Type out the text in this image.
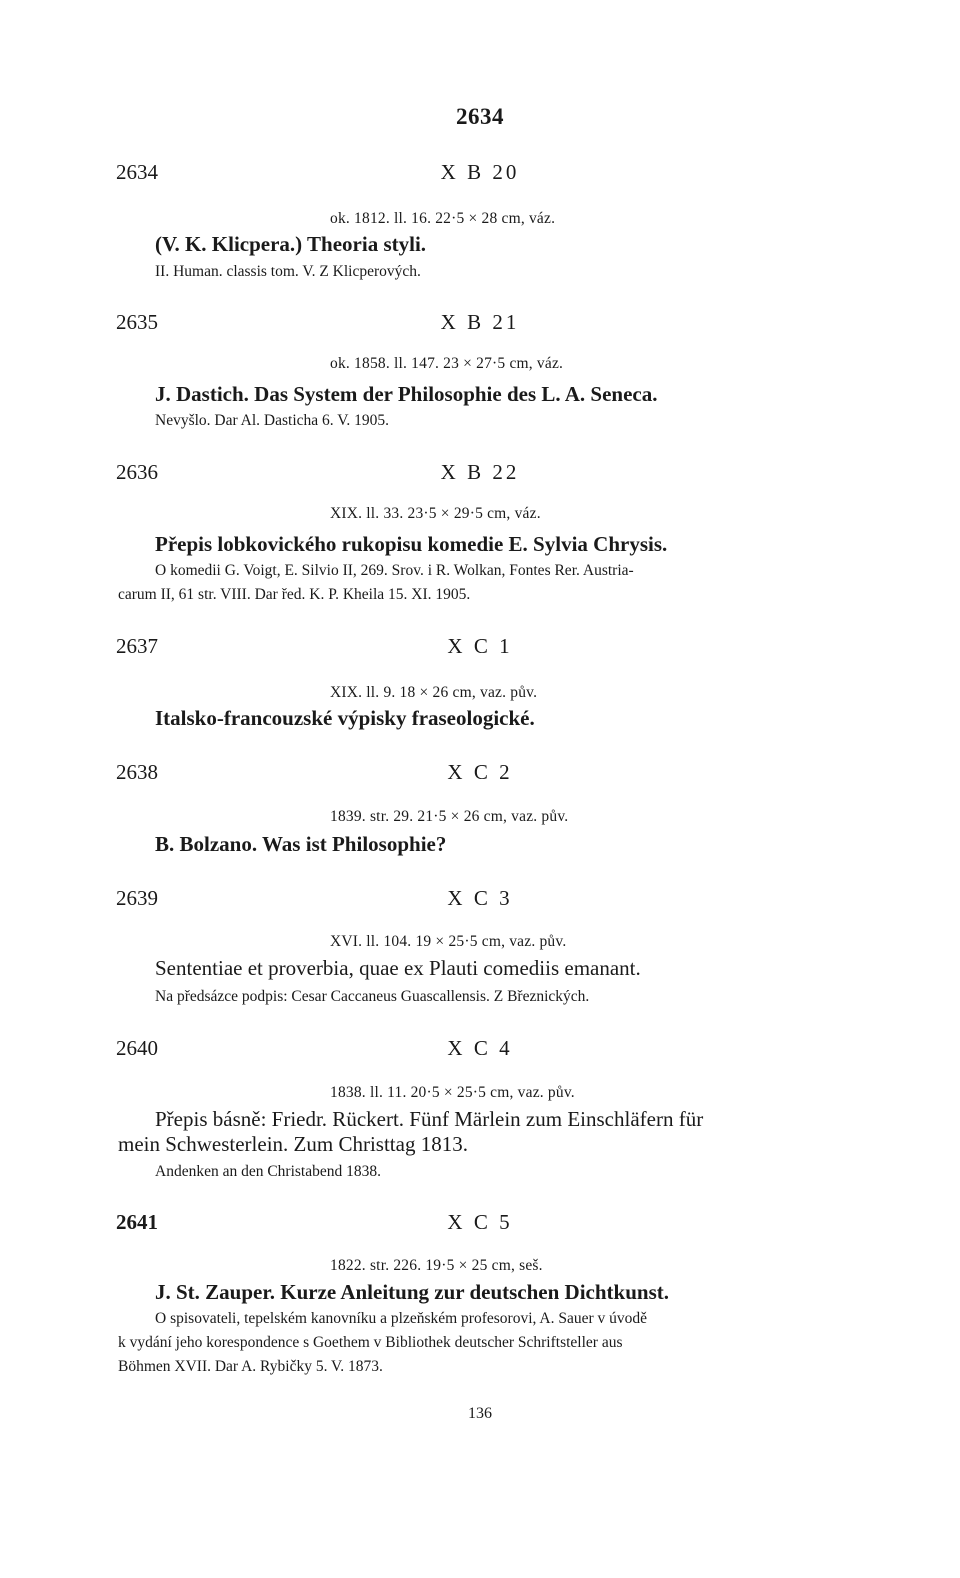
2634
2634	X B 20
ok. 1812. ll. 16. 22·5 × 28 cm, váz.
(V. K. Klicpera.) Theoria styli.
II. Human. classis tom. V. Z Klicperových.
2635	X B 21
ok. 1858. ll. 147. 23 × 27·5 cm, váz.
J. Dastich. Das System der Philosophie des L. A. Seneca.
Nevyšlo. Dar Al. Dasticha 6. V. 1905.
2636	X B 22
XIX. ll. 33. 23·5 × 29·5 cm, váz.
Přepis lobkovického rukopisu komedie E. Sylvia Chrysis.
O komedii G. Voigt, E. Silvio II, 269. Srov. i R. Wolkan, Fontes Rer. Austria-
carum II, 61 str. VIII. Dar řed. K. P. Kheila 15. XI. 1905.
2637	X C 1
XIX. ll. 9. 18 × 26 cm, vaz. pův.
Italsko-francouzské výpisky fraseologické.
2638	X C 2
1839. str. 29. 21·5 × 26 cm, vaz. pův.
B. Bolzano. Was ist Philosophie?
2639	X C 3
XVI. ll. 104. 19 × 25·5 cm, vaz. pův.
Sententiae et proverbia, quae ex Plauti comediis emanant.
Na předsázce podpis: Cesar Caccaneus Guascallensis. Z Březnických.
2640	X C 4
1838. ll. 11. 20·5 × 25·5 cm, vaz. pův.
Přepis básně: Friedr. Rückert. Fünf Märlein zum Einschläfern für
mein Schwesterlein. Zum Christtag 1813.
Andenken an den Christabend 1838.
2641	X C 5
1822. str. 226. 19·5 × 25 cm, seš.
J. St. Zauper. Kurze Anleitung zur deutschen Dichtkunst.
O spisovateli, tepelském kanovníku a plzeňském profesorovi, A. Sauer v úvodě
k vydání jeho korespondence s Goethem v Bibliothek deutscher Schriftsteller aus
Böhmen XVII. Dar A. Rybičky 5. V. 1873.
136
